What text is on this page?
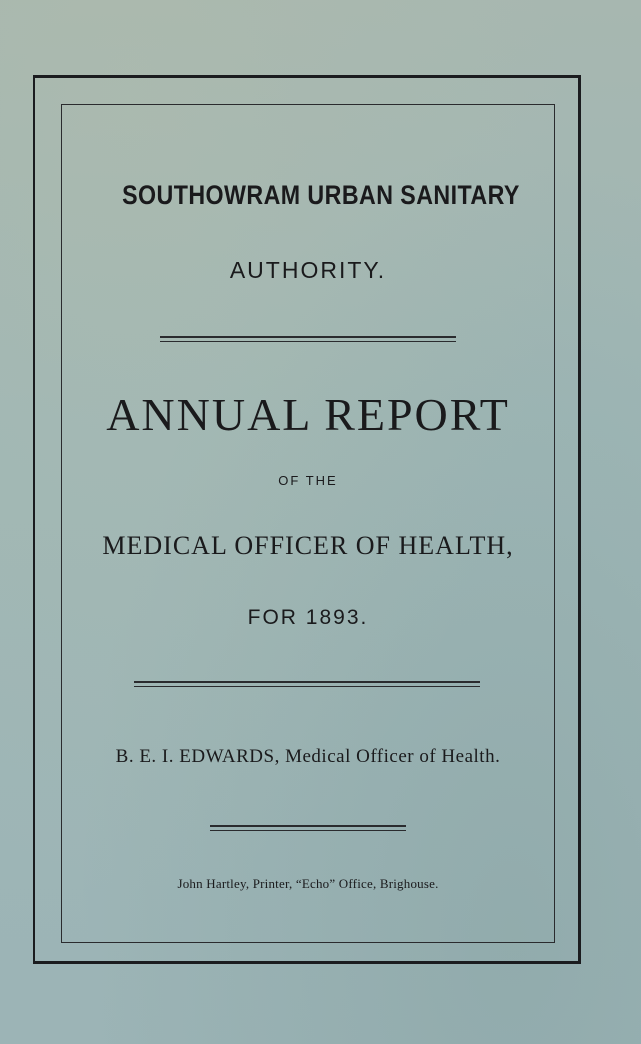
SOUTHOWRAM URBAN SANITARY
AUTHORITY.
ANNUAL REPORT
OF THE
MEDICAL OFFICER OF HEALTH,
FOR 1893.
B. E. I. EDWARDS, Medical Officer of Health.
John Hartley, Printer, “Echo” Office, Brighouse.
